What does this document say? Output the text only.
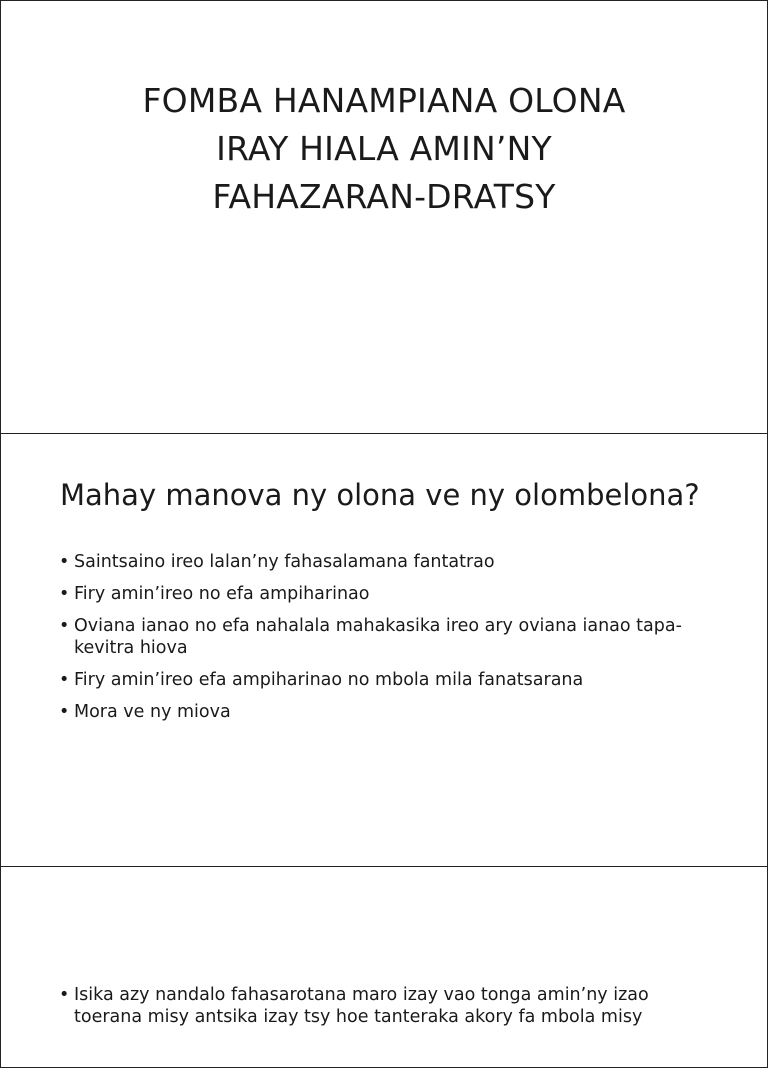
FOMBA HANAMPIANA OLONA
IRAY HIALA AMIN’NY
FAHAZARAN-DRATSY
Mahay manova ny olona ve ny olombelona?
• Saintsaino ireo lalan’ny fahasalamana fantatrao
• Firy amin’ireo no efa ampiharinao
• Oviana ianao no efa nahalala mahakasika ireo ary oviana ianao tapa-kevitra hiova
• Firy amin’ireo efa ampiharinao no mbola mila fanatsarana
• Mora ve ny miova
• Isika azy nandalo fahasarotana maro izay vao tonga amin’ny izao toerana misy antsika izay tsy hoe tanteraka akory fa mbola misy
